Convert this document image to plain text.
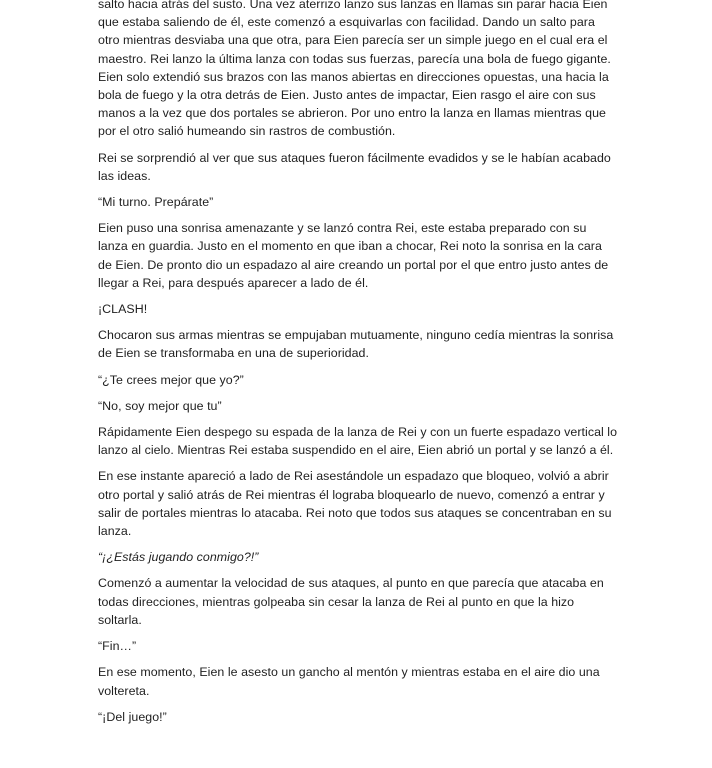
salto hacia atrás del susto. Una vez aterrizo lanzo sus lanzas en llamas sin parar hacia Eien que estaba saliendo de él, este comenzó a esquivarlas con facilidad. Dando un salto para otro mientras desviaba una que otra, para Eien parecía ser un simple juego en el cual era el maestro. Rei lanzo la última lanza con todas sus fuerzas, parecía una bola de fuego gigante. Eien solo extendió sus brazos con las manos abiertas en direcciones opuestas, una hacia la bola de fuego y la otra detrás de Eien. Justo antes de impactar, Eien rasgo el aire con sus manos a la vez que dos portales se abrieron. Por uno entro la lanza en llamas mientras que por el otro salió humeando sin rastros de combustión.

Rei se sorprendió al ver que sus ataques fueron fácilmente evadidos y se le habían acabado las ideas.

“Mi turno. Prepárate”

Eien puso una sonrisa amenazante y se lanzó contra Rei, este estaba preparado con su lanza en guardia. Justo en el momento en que iban a chocar, Rei noto la sonrisa en la cara de Eien. De pronto dio un espadazo al aire creando un portal por el que entro justo antes de llegar a Rei, para después aparecer a lado de él.

¡CLASH!

Chocaron sus armas mientras se empujaban mutuamente, ninguno cedía mientras la sonrisa de Eien se transformaba en una de superioridad.

“¿Te crees mejor que yo?”

“No, soy mejor que tu”

Rápidamente Eien despego su espada de la lanza de Rei y con un fuerte espadazo vertical lo lanzo al cielo. Mientras Rei estaba suspendido en el aire, Eien abrió un portal y se lanzó a él.

En ese instante apareció a lado de Rei asestándole un espadazo que bloqueo, volvió a abrir otro portal y salió atrás de Rei mientras él lograba bloquearlo de nuevo, comenzó a entrar y salir de portales mientras lo atacaba. Rei noto que todos sus ataques se concentraban en su lanza.

“¡¿Estás jugando conmigo?!”

Comenzó a aumentar la velocidad de sus ataques, al punto en que parecía que atacaba en todas direcciones, mientras golpeaba sin cesar la lanza de Rei al punto en que la hizo soltarla.

“Fin…”

En ese momento, Eien le asesto un gancho al mentón y mientras estaba en el aire dio una voltereta.

“¡Del juego!”
